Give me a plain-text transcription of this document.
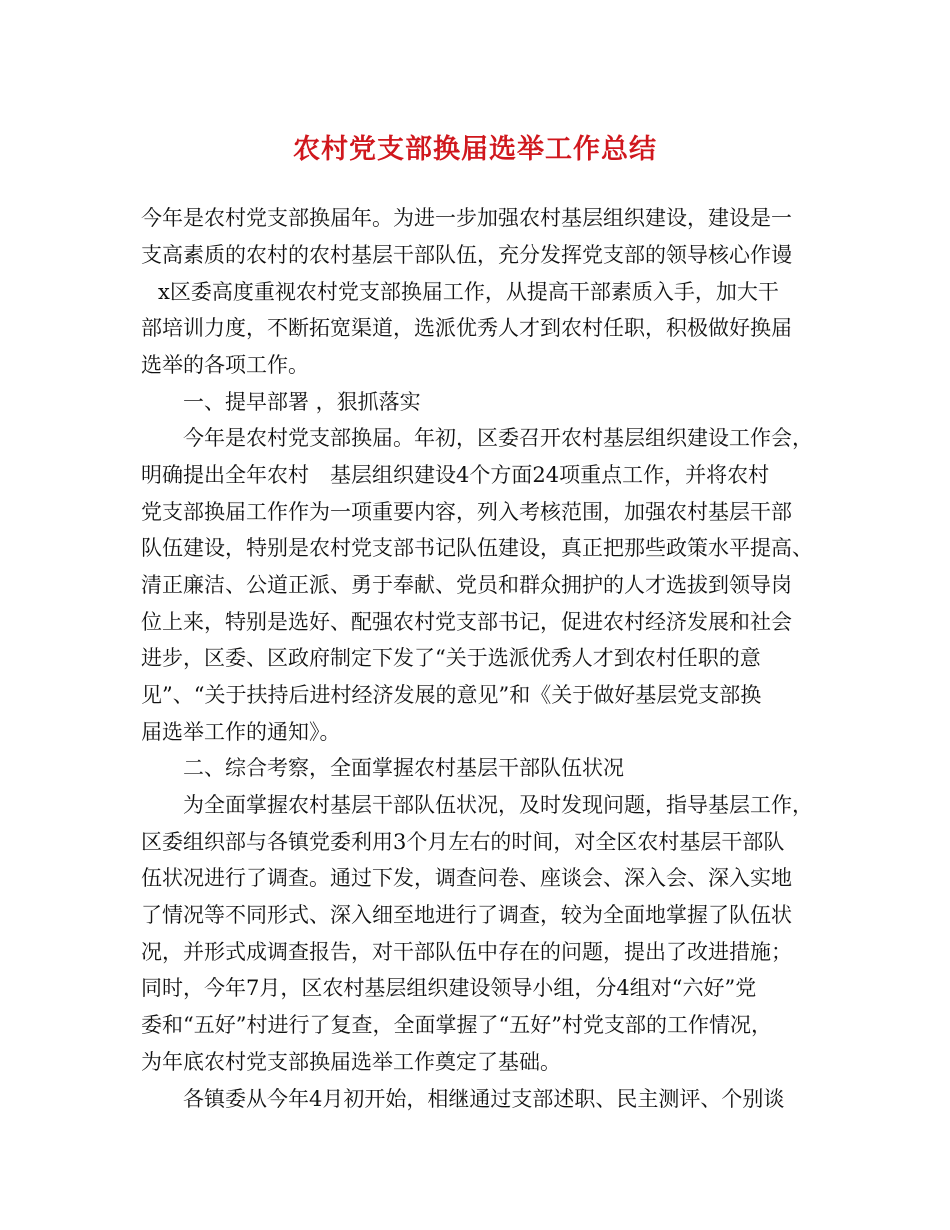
农村党支部换届选举工作总结
今年是农村党支部换届年。为进一步加强农村基层组织建设，建设是一
支高素质的农村的农村基层干部队伍，充分发挥党支部的领导核心作谩
x区委高度重视农村党支部换届工作，从提高干部素质入手，加大干
部培训力度，不断拓宽渠道，选派优秀人才到农村任职，积极做好换届
选举的各项工作。
一、提早部署 ，狠抓落实
今年是农村党支部换届。年初，区委召开农村基层组织建设工作会，
明确提出全年农村　基层组织建设4个方面24项重点工作，并将农村
党支部换届工作作为一项重要内容，列入考核范围，加强农村基层干部
队伍建设，特别是农村党支部书记队伍建设，真正把那些政策水平提高、
清正廉洁、公道正派、勇于奉献、党员和群众拥护的人才选拔到领导岗
位上来，特别是选好、配强农村党支部书记，促进农村经济发展和社会
进步，区委、区政府制定下发了“关于选派优秀人才到农村任职的意
见”、“关于扶持后进村经济发展的意见”和《关于做好基层党支部换
届选举工作的通知》。
二、综合考察，全面掌握农村基层干部队伍状况
为全面掌握农村基层干部队伍状况，及时发现问题，指导基层工作，
区委组织部与各镇党委利用3个月左右的时间，对全区农村基层干部队
伍状况进行了调查。通过下发，调查问卷、座谈会、深入会、深入实地
了情况等不同形式、深入细至地进行了调查，较为全面地掌握了队伍状
况，并形式成调查报告，对干部队伍中存在的问题，提出了改进措施；
同时，今年7月，区农村基层组织建设领导小组，分4组对“六好”党
委和“五好”村进行了复查，全面掌握了“五好”村党支部的工作情况，
为年底农村党支部换届选举工作奠定了基础。
各镇委从今年4月初开始，相继通过支部述职、民主测评、个别谈
